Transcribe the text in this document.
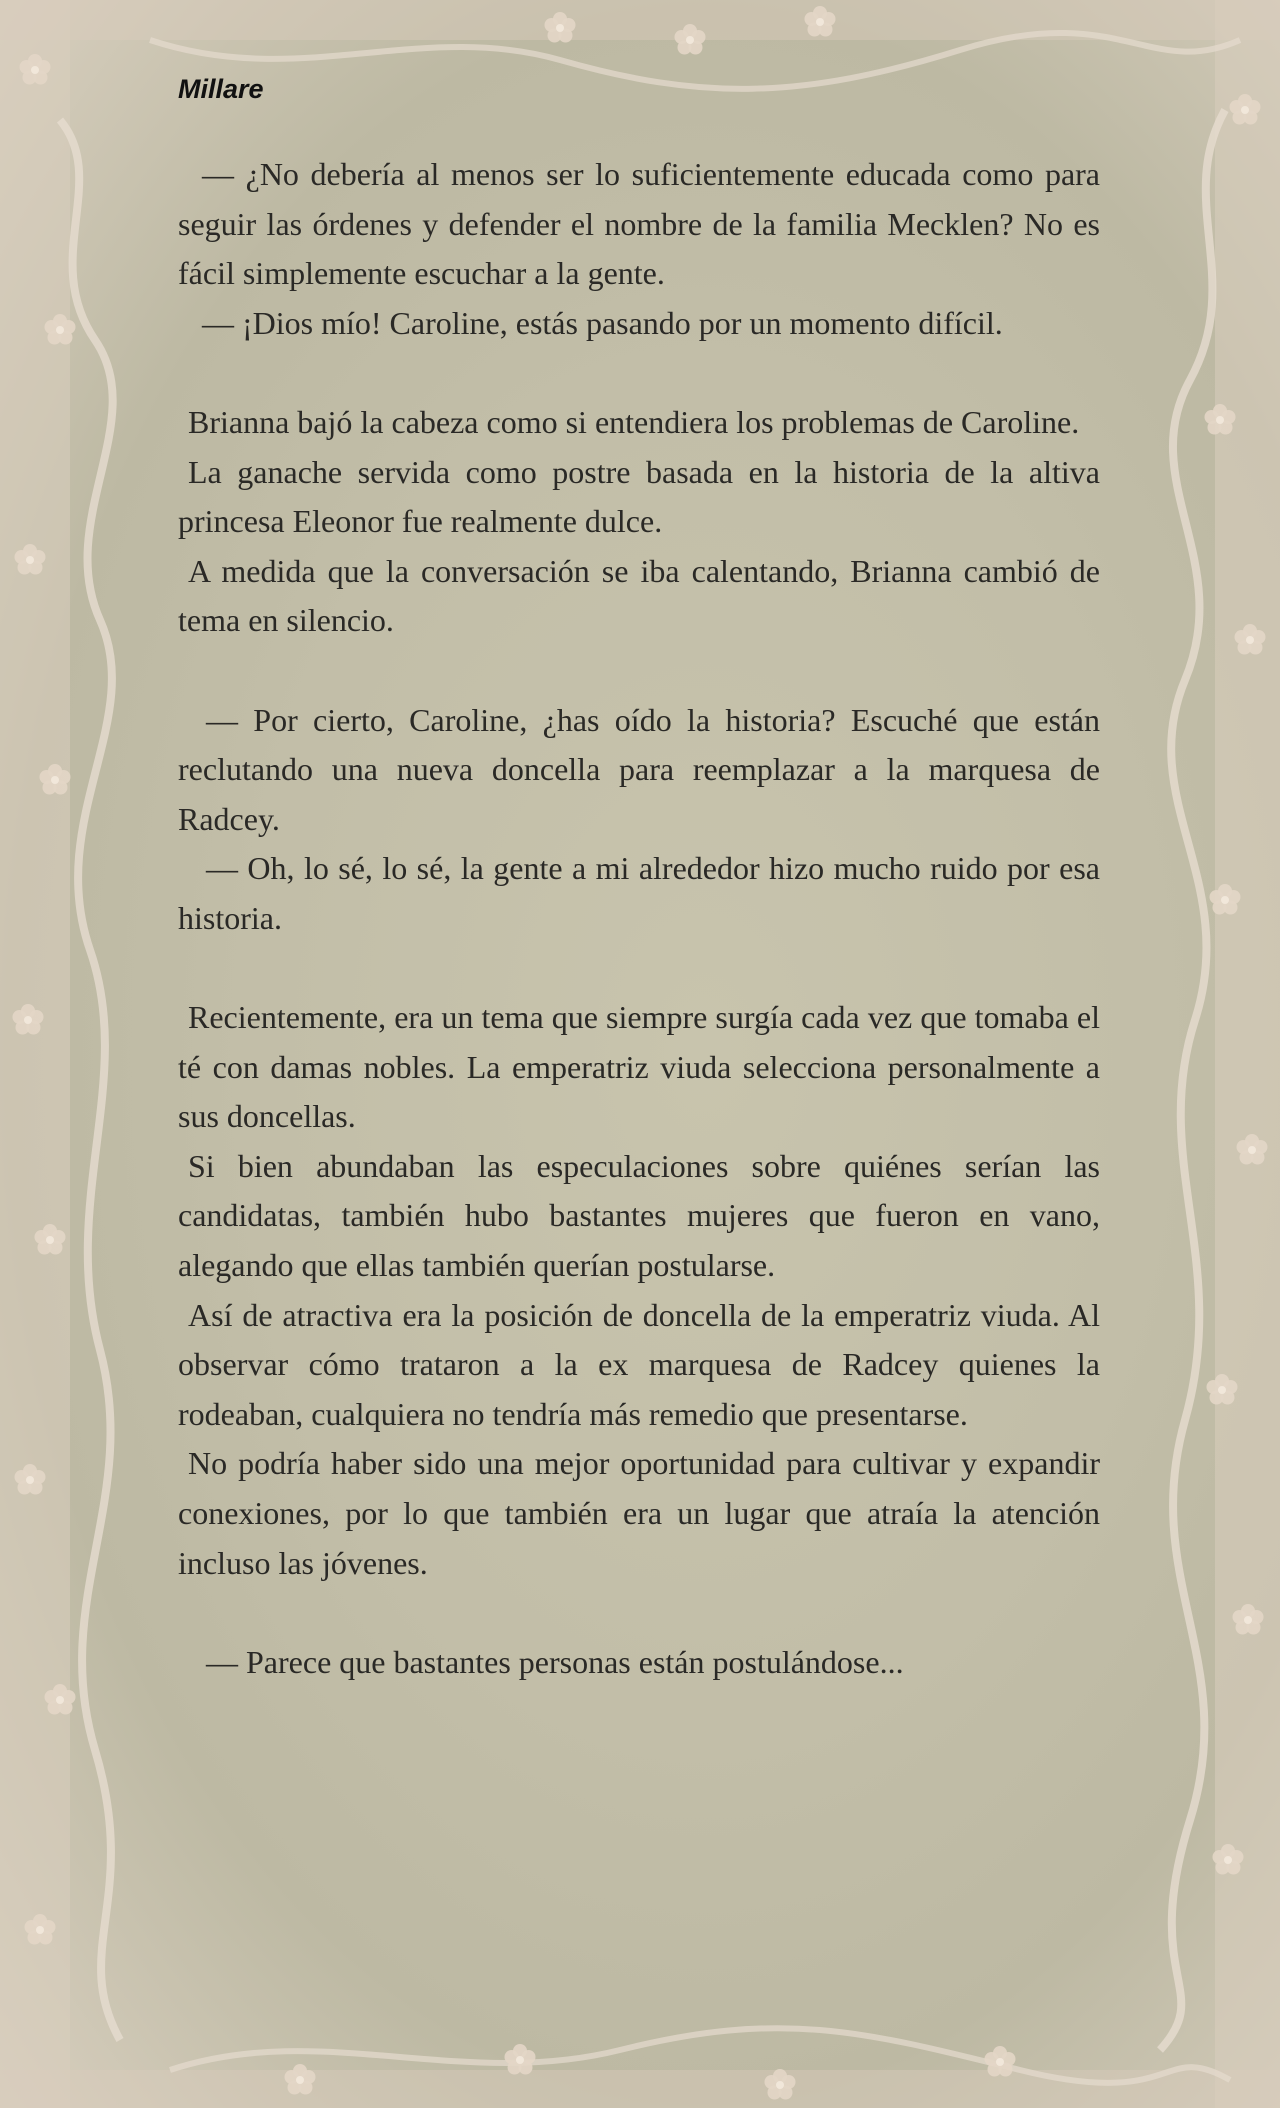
Millare

— ¿No debería al menos ser lo suficientemente educada como para seguir las órdenes y defender el nombre de la familia Mecklen? No es fácil simplemente escuchar a la gente.

— ¡Dios mío! Caroline, estás pasando por un momento difícil.

Brianna bajó la cabeza como si entendiera los problemas de Caroline.

La ganache servida como postre basada en la historia de la altiva princesa Eleonor fue realmente dulce.

A medida que la conversación se iba calentando, Brianna cambió de tema en silencio.

— Por cierto, Caroline, ¿has oído la historia? Escuché que están reclutando una nueva doncella para reemplazar a la marquesa de Radcey.

— Oh, lo sé, lo sé, la gente a mi alrededor hizo mucho ruido por esa historia.

Recientemente, era un tema que siempre surgía cada vez que tomaba el té con damas nobles. La emperatriz viuda selecciona personalmente a sus doncellas.

Si bien abundaban las especulaciones sobre quiénes serían las candidatas, también hubo bastantes mujeres que fueron en vano, alegando que ellas también querían postularse.

Así de atractiva era la posición de doncella de la emperatriz viuda. Al observar cómo trataron a la ex marquesa de Radcey quienes la rodeaban, cualquiera no tendría más remedio que presentarse.

No podría haber sido una mejor oportunidad para cultivar y expandir conexiones, por lo que también era un lugar que atraía la atención incluso las jóvenes.

— Parece que bastantes personas están postulándose...
